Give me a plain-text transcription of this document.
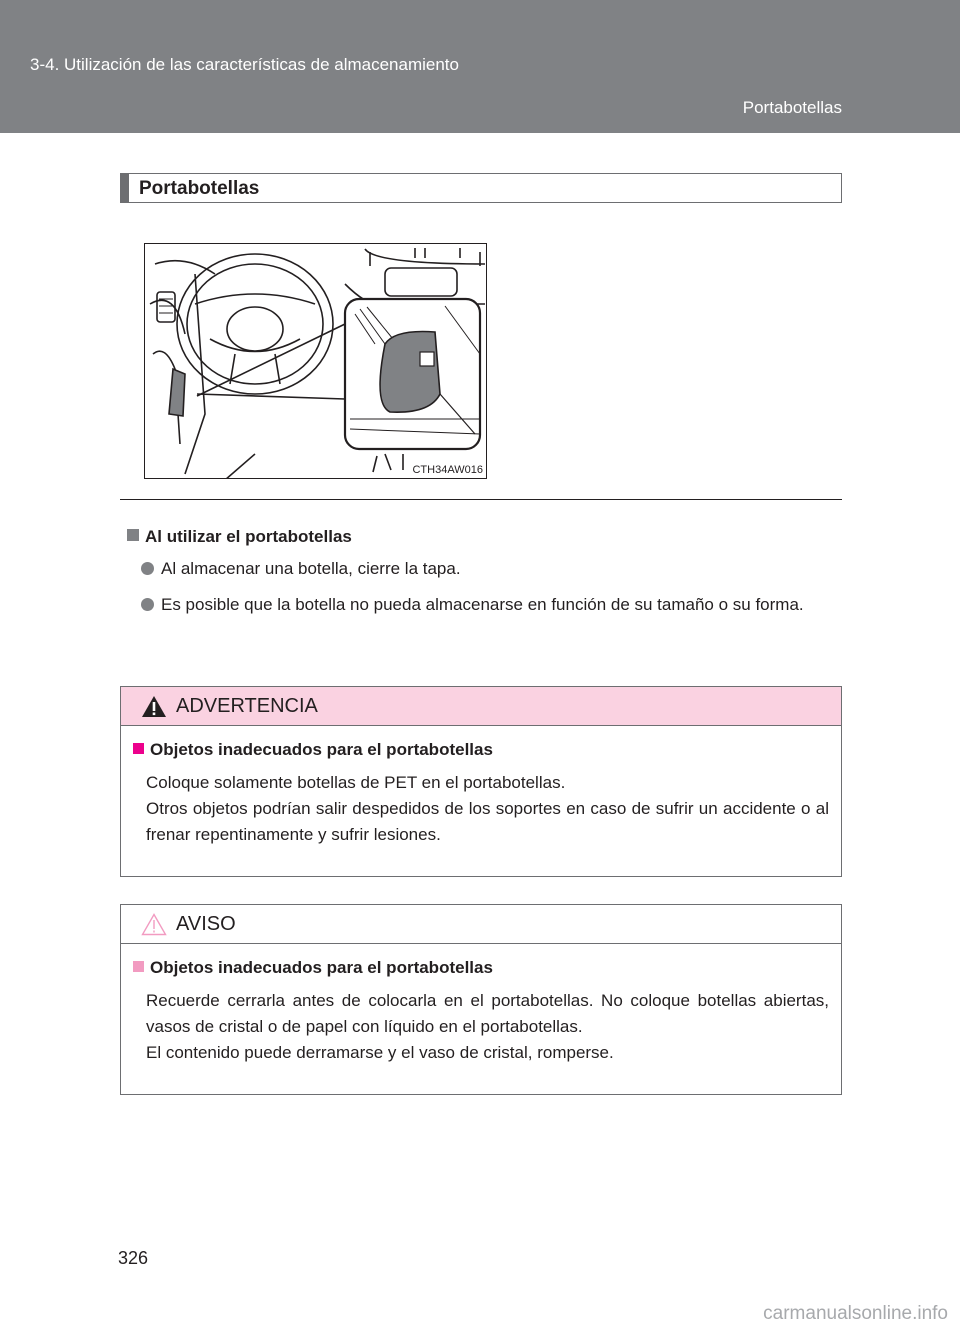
3-4. Utilización de las características de almacenamiento
Portabotellas
Portabotellas
CTH34AW016
Al utilizar el portabotellas
Al almacenar una botella, cierre la tapa.
Es posible que la botella no pueda almacenarse en función de su tamaño o su forma.
ADVERTENCIA
Objetos inadecuados para el portabotellas
Coloque solamente botellas de PET en el portabotellas.
Otros objetos podrían salir despedidos de los soportes en caso de sufrir un accidente o al frenar repentinamente y sufrir lesiones.
AVISO
Objetos inadecuados para el portabotellas
Recuerde cerrarla antes de colocarla en el portabotellas. No coloque botellas abiertas, vasos de cristal o de papel con líquido en el portabotellas.
El contenido puede derramarse y el vaso de cristal, romperse.
326
carmanualsonline.info
